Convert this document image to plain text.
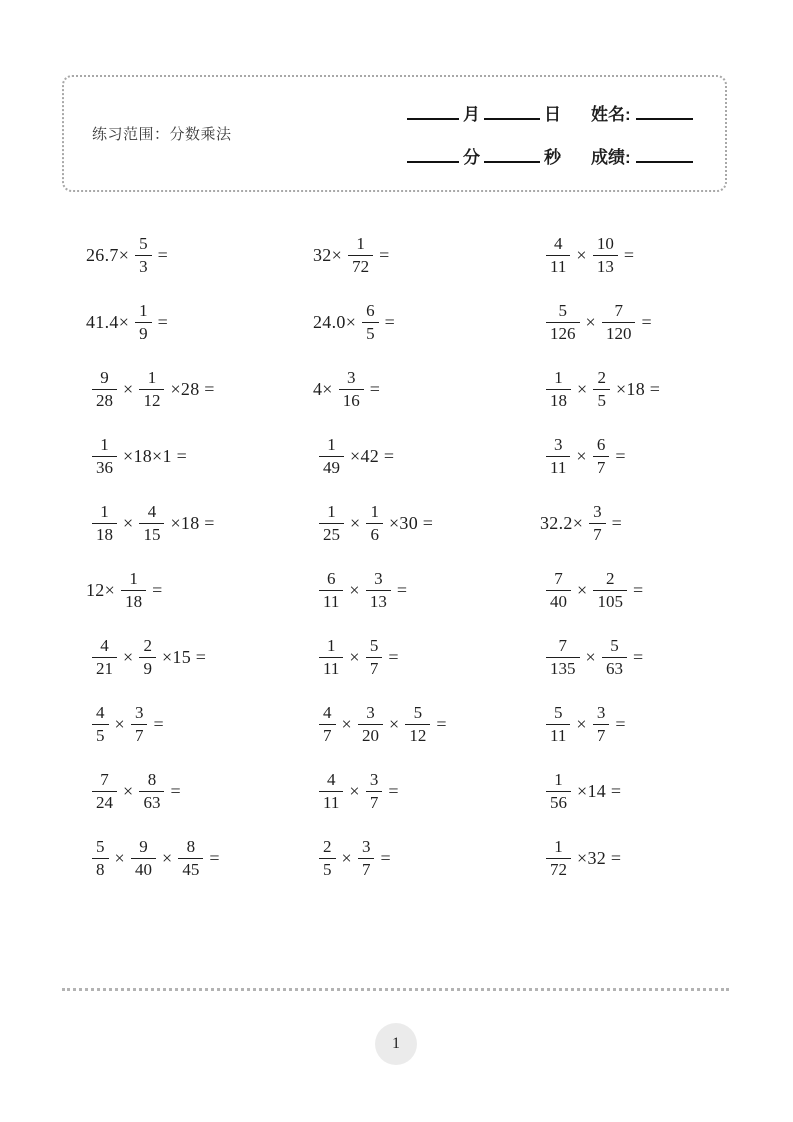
练习范围：分数乘法
月	日 姓名:
分	秒 成绩:
$26.7\times \frac{5}{3}$ =	$32\times \frac{1}{72}$ =	$\frac{4}{11} \times \frac{10}{13}$ =
$41.4\times \frac{1}{9}$ =	$24.0\times \frac{6}{5}$ =	$\frac{5}{126} \times \frac{7}{120}$ =
$\frac{9}{28} \times \frac{1}{12} \times 28$ =	$4\times \frac{3}{16}$ =	$\frac{1}{18} \times \frac{2}{5} \times 18$ =
$\frac{1}{36} \times 18\times 1$ =	$\frac{1}{49} \times 42$ =	$\frac{3}{11} \times \frac{6}{7}$ =
$\frac{1}{18} \times \frac{4}{15} \times 18$ =	$\frac{1}{25} \times \frac{1}{6} \times 30$ =	$32.2\times \frac{3}{7}$ =
$12\times \frac{1}{18}$ =	$\frac{6}{11} \times \frac{3}{13}$ =	$\frac{7}{40} \times \frac{2}{105}$ =
$\frac{4}{21} \times \frac{2}{9} \times 15$ =	$\frac{1}{11} \times \frac{5}{7}$ =	$\frac{7}{135} \times \frac{5}{63}$ =
$\frac{4}{5} \times \frac{3}{7}$ =	$\frac{4}{7} \times \frac{3}{20} \times \frac{5}{12}$ =	$\frac{5}{11} \times \frac{3}{7}$ =
$\frac{7}{24} \times \frac{8}{63}$ =	$\frac{4}{11} \times \frac{3}{7}$ =	$\frac{1}{56} \times 14$ =
$\frac{5}{8} \times \frac{9}{40} \times \frac{8}{45}$ =	$\frac{2}{5} \times \frac{3}{7}$ =	$\frac{1}{72} \times 32$ =
1
